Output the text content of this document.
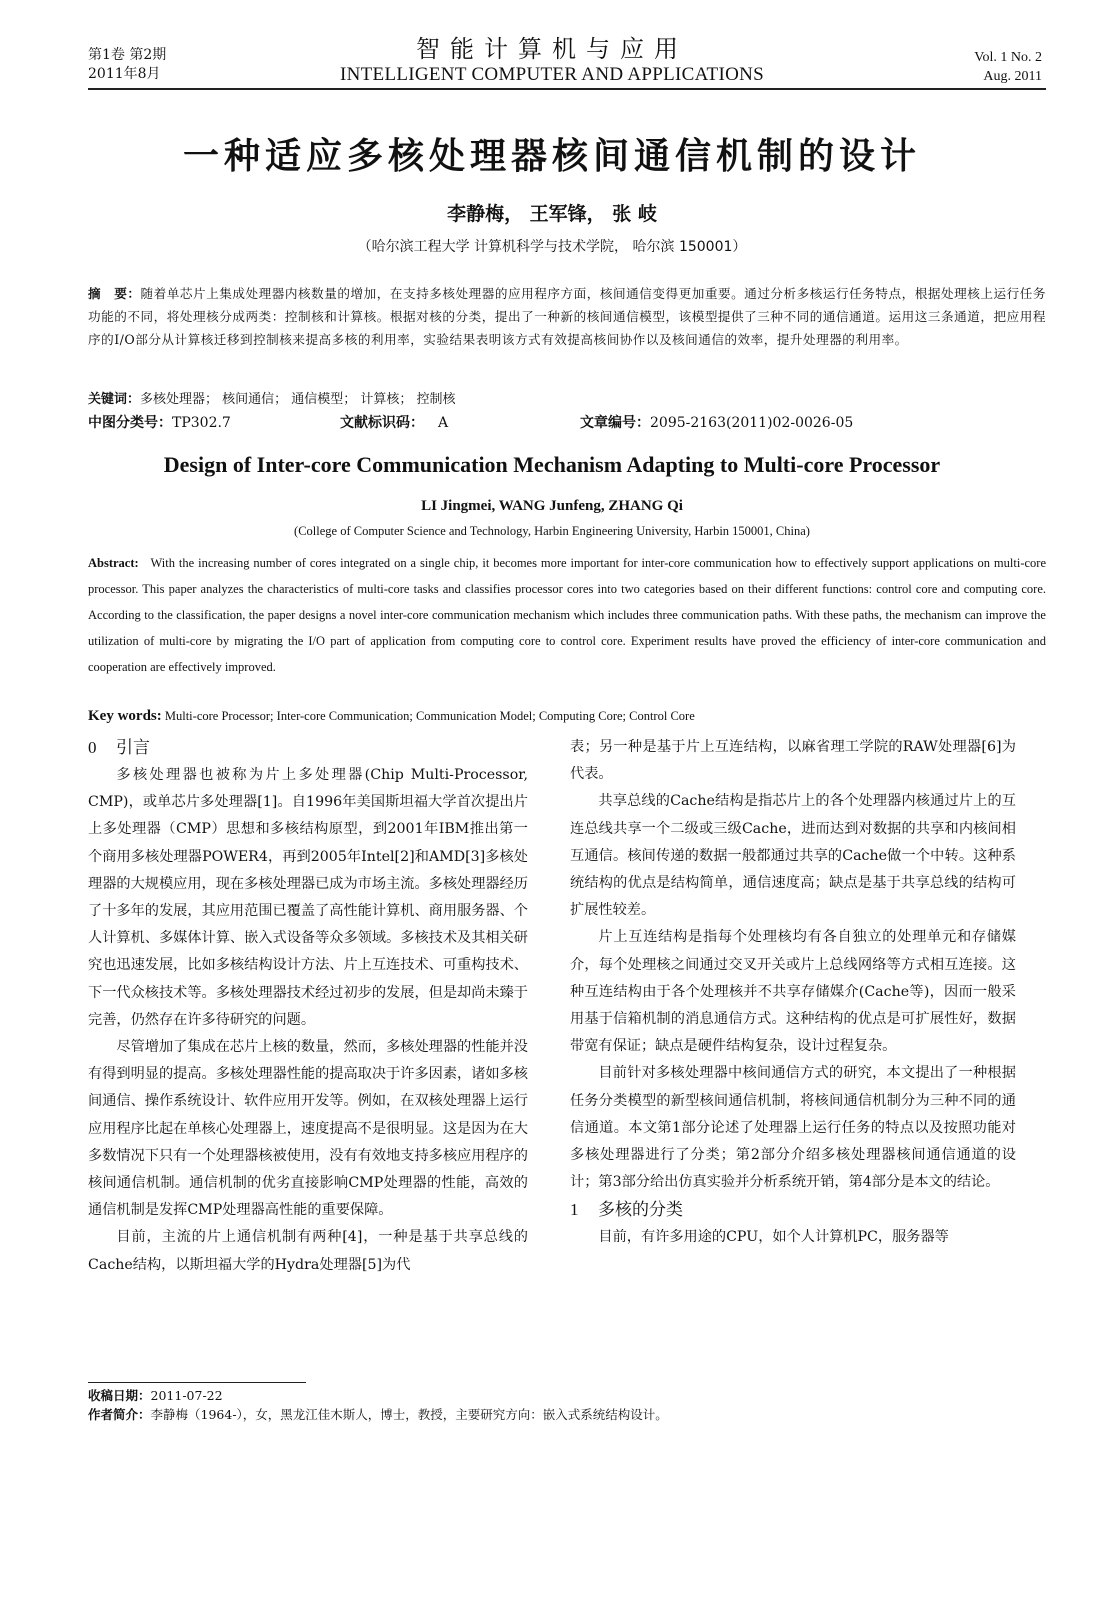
第1卷 第2期
2011年8月
智能计算机与应用
INTELLIGENT COMPUTER AND APPLICATIONS
Vol. 1 No. 2
Aug. 2011
一种适应多核处理器核间通信机制的设计
李静梅， 王军锋， 张 岐
（哈尔滨工程大学 计算机科学与技术学院， 哈尔滨 150001）
摘　要：随着单芯片上集成处理器内核数量的增加，在支持多核处理器的应用程序方面，核间通信变得更加重要。通过分析多核运行任务特点，根据处理核上运行任务功能的不同，将处理核分成两类：控制核和计算核。根据对核的分类，提出了一种新的核间通信模型，该模型提供了三种不同的通信通道。运用这三条通道，把应用程序的I/O部分从计算核迁移到控制核来提高多核的利用率，实验结果表明该方式有效提高核间协作以及核间通信的效率，提升处理器的利用率。
关键词：多核处理器； 核间通信； 通信模型； 计算核； 控制核
中图分类号：TP302.7	文献标识码： A	文章编号：2095-2163(2011)02-0026-05
Design of Inter-core Communication Mechanism Adapting to Multi-core Processor
LI Jingmei, WANG Junfeng, ZHANG Qi
(College of Computer Science and Technology, Harbin Engineering University, Harbin 150001, China)
Abstract: With the increasing number of cores integrated on a single chip, it becomes more important for inter-core communication how to effectively support applications on multi-core processor. This paper analyzes the characteristics of multi-core tasks and classifies processor cores into two categories based on their different functions: control core and computing core. According to the classification, the paper designs a novel inter-core communication mechanism which includes three communication paths. With these paths, the mechanism can improve the utilization of multi-core by migrating the I/O part of application from computing core to control core. Experiment results have proved the efficiency of inter-core communication and cooperation are effectively improved.
Key words: Multi-core Processor; Inter-core Communication; Communication Model; Computing Core; Control Core
0 引言

多核处理器也被称为片上多处理器(Chip Multi-Processor, CMP)，或单芯片多处理器[1]。自1996年美国斯坦福大学首次提出片上多处理器（CMP）思想和多核结构原型，到2001年IBM推出第一个商用多核处理器POWER4，再到2005年Intel[2]和AMD[3]多核处理器的大规模应用，现在多核处理器已成为市场主流。多核处理器经历了十多年的发展，其应用范围已覆盖了高性能计算机、商用服务器、个人计算机、多媒体计算、嵌入式设备等众多领域。多核技术及其相关研究也迅速发展，比如多核结构设计方法、片上互连技术、可重构技术、下一代众核技术等。多核处理器技术经过初步的发展，但是却尚未臻于完善，仍然存在许多待研究的问题。

尽管增加了集成在芯片上核的数量，然而，多核处理器的性能并没有得到明显的提高。多核处理器性能的提高取决于许多因素，诸如多核间通信、操作系统设计、软件应用开发等。例如，在双核处理器上运行应用程序比起在单核心处理器上，速度提高不是很明显。这是因为在大多数情况下只有一个处理器核被使用，没有有效地支持多核应用程序的核间通信机制。通信机制的优劣直接影响CMP处理器的性能，高效的通信机制是发挥CMP处理器高性能的重要保障。

目前，主流的片上通信机制有两种[4]，一种是基于共享总线的Cache结构，以斯坦福大学的Hydra处理器[5]为代

表；另一种是基于片上互连结构，以麻省理工学院的RAW处理器[6]为代表。

共享总线的Cache结构是指芯片上的各个处理器内核通过片上的互连总线共享一个二级或三级Cache，进而达到对数据的共享和内核间相互通信。核间传递的数据一般都通过共享的Cache做一个中转。这种系统结构的优点是结构简单，通信速度高；缺点是基于共享总线的结构可扩展性较差。

片上互连结构是指每个处理核均有各自独立的处理单元和存储媒介，每个处理核之间通过交叉开关或片上总线网络等方式相互连接。这种互连结构由于各个处理核并不共享存储媒介(Cache等)，因而一般采用基于信箱机制的消息通信方式。这种结构的优点是可扩展性好，数据带宽有保证；缺点是硬件结构复杂，设计过程复杂。

目前针对多核处理器中核间通信方式的研究，本文提出了一种根据任务分类模型的新型核间通信机制，将核间通信机制分为三种不同的通信通道。本文第1部分论述了处理器上运行任务的特点以及按照功能对多核处理器进行了分类；第2部分介绍多核处理器核间通信通道的设计；第3部分给出仿真实验并分析系统开销，第4部分是本文的结论。

1 多核的分类

目前，有许多用途的CPU，如个人计算机PC，服务器等

收稿日期：2011-07-22
作者简介：李静梅（1964-），女，黑龙江佳木斯人，博士，教授，主要研究方向：嵌入式系统结构设计。
